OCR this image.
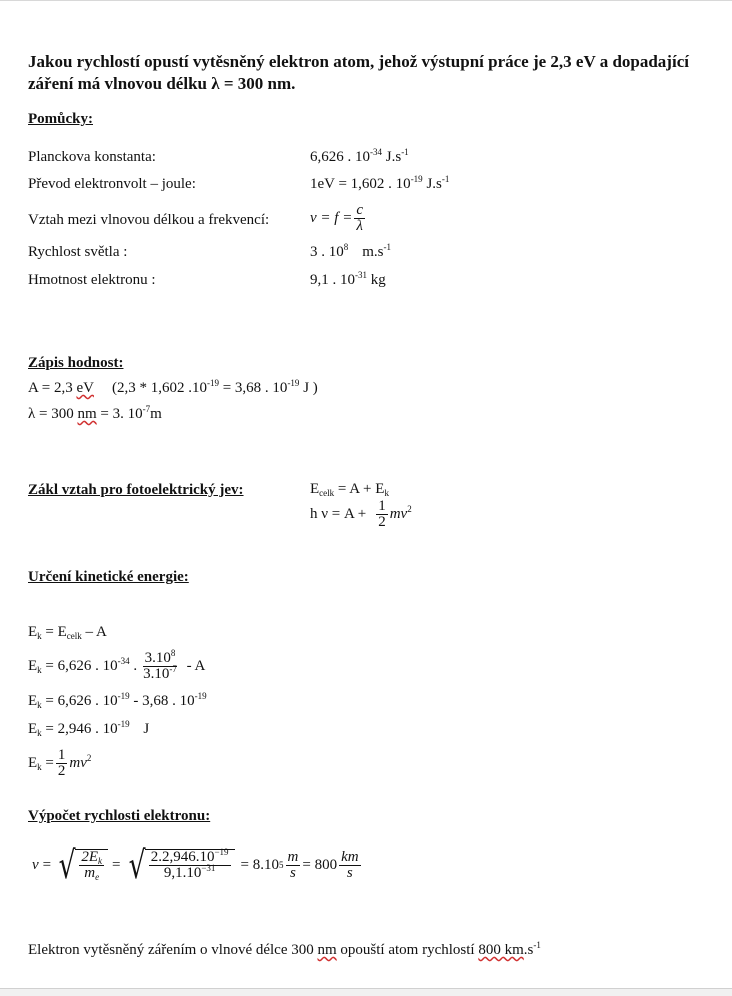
Jakou rychlostí opustí vytěsněný elektron atom, jehož výstupní práce je 2,3 eV a dopadající záření má vlnovou délku λ = 300 nm.
Pomůcky:
Planckova konstanta:	6,626 . $10^{-34}$ $J.s^{-1}$
Převod elektronvolt – joule:	1eV = 1,602 . $10^{-19}$ $J.s^{-1}$
Vztah mezi vlnovou délkou a frekvencí:	$\nu = f = \frac{c}{\lambda}$
Rychlost světla :	3 . $10^8$ $m.s^{-1}$
Hmotnost elektronu :	9,1 . $10^{-31}$ kg
Zápis hodnost:
A = 2,3 eV (2,3 * 1,602 $.10^{-19} = 3,68$ . $10^{-19}$ J )
λ = 300 nm = 3. $10^{-7}m$
Zákl vztah pro fotoelektrický jev:	$E_{celk} = A + E_k$
h $\nu = A + \frac{1}{2} mv^2$
Určení kinetické energie:
$E_k = E_{celk} - A$
$E_k = 6,626$ . $10^{-34}$ . $\frac{3.10^8}{3.10^{-7}}$ - A
$E_k = 6,626$ . $10^{-19} - 3,68$ . $10^{-19}$
$E_k = 2,946$ . $10^{-19}$ J
$E_k = \frac{1}{2} mv^2$
Výpočet rychlosti elektronu:
v = √ $\frac{2E_k}{m_e}$ = √ $\frac{2.2,946.10^{-19}}{9,1.10^{-31}} = 8.10$ $5 \frac{m}{s} = 800 \frac{km}{s}$
Elektron vytěsněný zářením o vlnové délce 300 nm opouští atom rychlostí 800 $km.s^{-1}$
